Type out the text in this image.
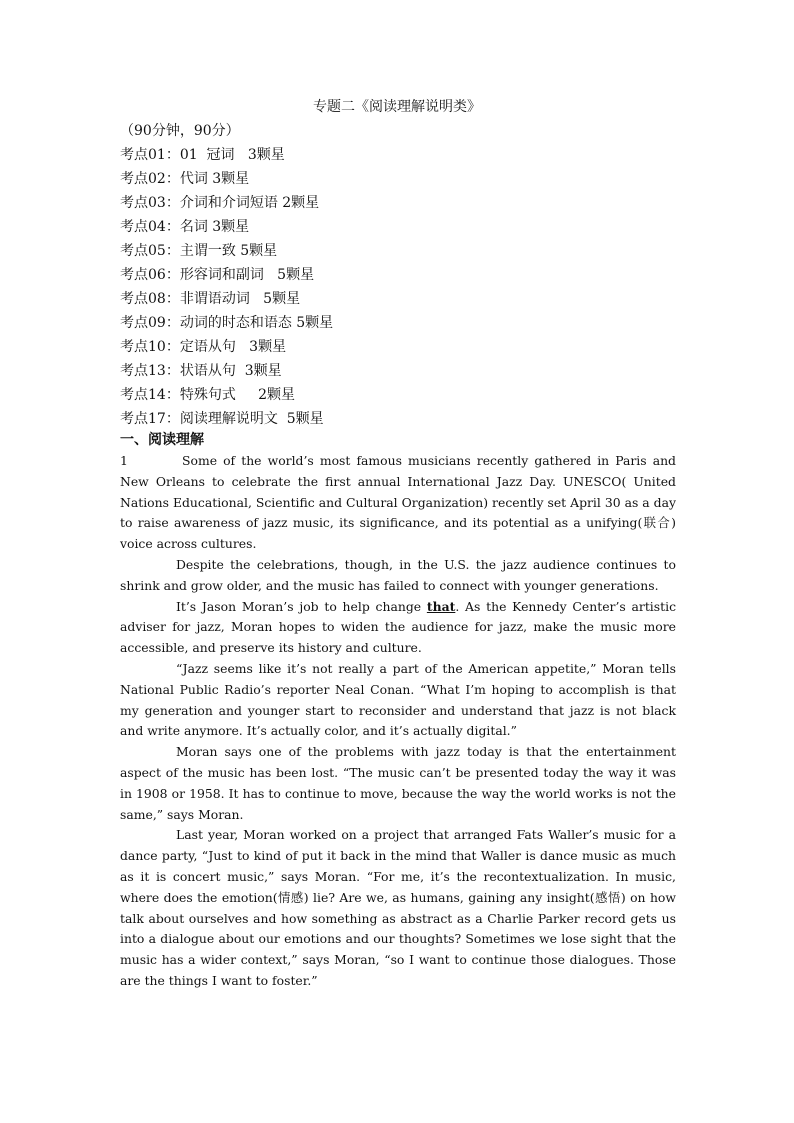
专题二《阅读理解说明类》
（90分钟，90分）
考点01：01  冠词   3颗星
考点02：代词 3颗星
考点03：介词和介词短语 2颗星
考点04：名词 3颗星
考点05：主谓一致 5颗星
考点06：形容词和副词   5颗星
考点08：非谓语动词   5颗星
考点09：动词的时态和语态 5颗星
考点10：定语从句   3颗星
考点13：状语从句  3颗星
考点14：特殊句式     2颗星
考点17：阅读理解说明文  5颗星
一、阅读理解

1	Some of the world’s most famous musicians recently gathered in Paris and New Orleans to celebrate the first annual International Jazz Day. UNESCO( United Nations Educational, Scientific and Cultural Organization) recently set April 30 as a day to raise awareness of jazz music, its significance, and its potential as a unifying(联合) voice across cultures.

Despite the celebrations, though, in the U.S. the jazz audience continues to shrink and grow older, and the music has failed to connect with younger generations.

It’s Jason Moran’s job to help change that. As the Kennedy Center’s artistic adviser for jazz, Moran hopes to widen the audience for jazz, make the music more accessible, and preserve its history and culture.

“Jazz seems like it’s not really a part of the American appetite,” Moran tells National Public Radio’s reporter Neal Conan. “What I’m hoping to accomplish is that my generation and younger start to reconsider and understand that jazz is not black and write anymore. It’s actually color, and it’s actually digital.”

Moran says one of the problems with jazz today is that the entertainment aspect of the music has been lost. “The music can’t be presented today the way it was in 1908 or 1958. It has to continue to move, because the way the world works is not the same,” says Moran.

Last year, Moran worked on a project that arranged Fats Waller’s music for a dance party, “Just to kind of put it back in the mind that Waller is dance music as much as it is concert music,” says Moran. “For me, it’s the recontextualization. In music, where does the emotion(情感) lie? Are we, as humans, gaining any insight(感悟) on how talk about ourselves and how something as abstract as a Charlie Parker record gets us into a dialogue about our emotions and our thoughts? Sometimes we lose sight that the music has a wider context,” says Moran, “so I want to continue those dialogues. Those are the things I want to foster.”
